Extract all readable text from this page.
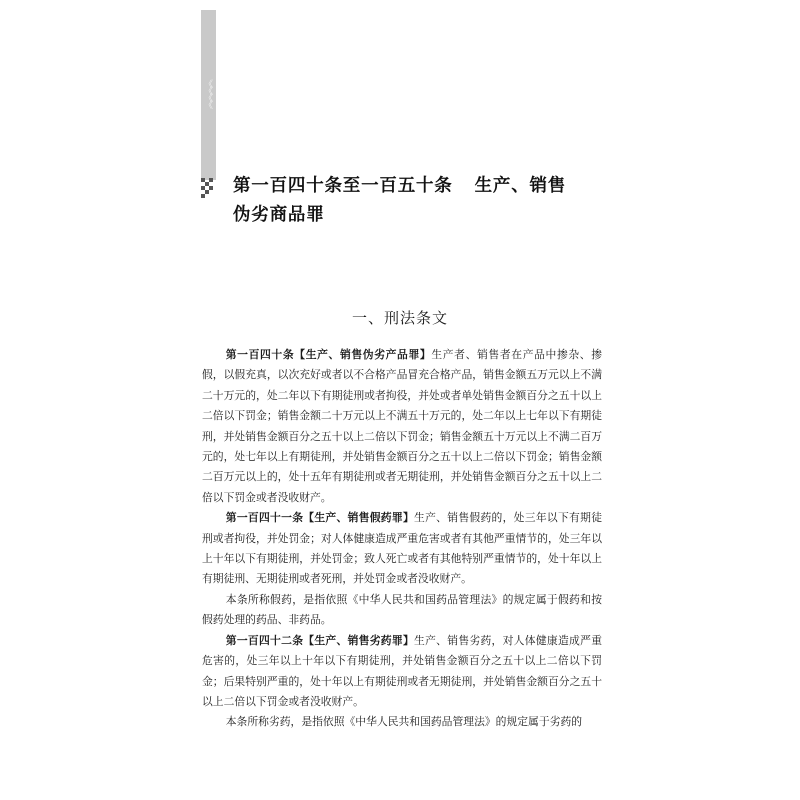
《
《
《
《
第一百四十条至一百五十条 生产、销售
伪劣商品罪
一、刑法条文

第一百四十条【生产、销售伪劣产品罪】生产者、销售者在产品中掺杂、掺假，以假充真，以次充好或者以不合格产品冒充合格产品，销售金额五万元以上不满二十万元的，处二年以下有期徒刑或者拘役，并处或者单处销售金额百分之五十以上二倍以下罚金；销售金额二十万元以上不满五十万元的，处二年以上七年以下有期徒刑，并处销售金额百分之五十以上二倍以下罚金；销售金额五十万元以上不满二百万元的，处七年以上有期徒刑，并处销售金额百分之五十以上二倍以下罚金；销售金额二百万元以上的，处十五年有期徒刑或者无期徒刑，并处销售金额百分之五十以上二倍以下罚金或者没收财产。

第一百四十一条【生产、销售假药罪】生产、销售假药的，处三年以下有期徒刑或者拘役，并处罚金；对人体健康造成严重危害或者有其他严重情节的，处三年以上十年以下有期徒刑，并处罚金；致人死亡或者有其他特别严重情节的，处十年以上有期徒刑、无期徒刑或者死刑，并处罚金或者没收财产。

本条所称假药，是指依照《中华人民共和国药品管理法》的规定属于假药和按假药处理的药品、非药品。

第一百四十二条【生产、销售劣药罪】生产、销售劣药，对人体健康造成严重危害的，处三年以上十年以下有期徒刑，并处销售金额百分之五十以上二倍以下罚金；后果特别严重的，处十年以上有期徒刑或者无期徒刑，并处销售金额百分之五十以上二倍以下罚金或者没收财产。

本条所称劣药，是指依照《中华人民共和国药品管理法》的规定属于劣药的
